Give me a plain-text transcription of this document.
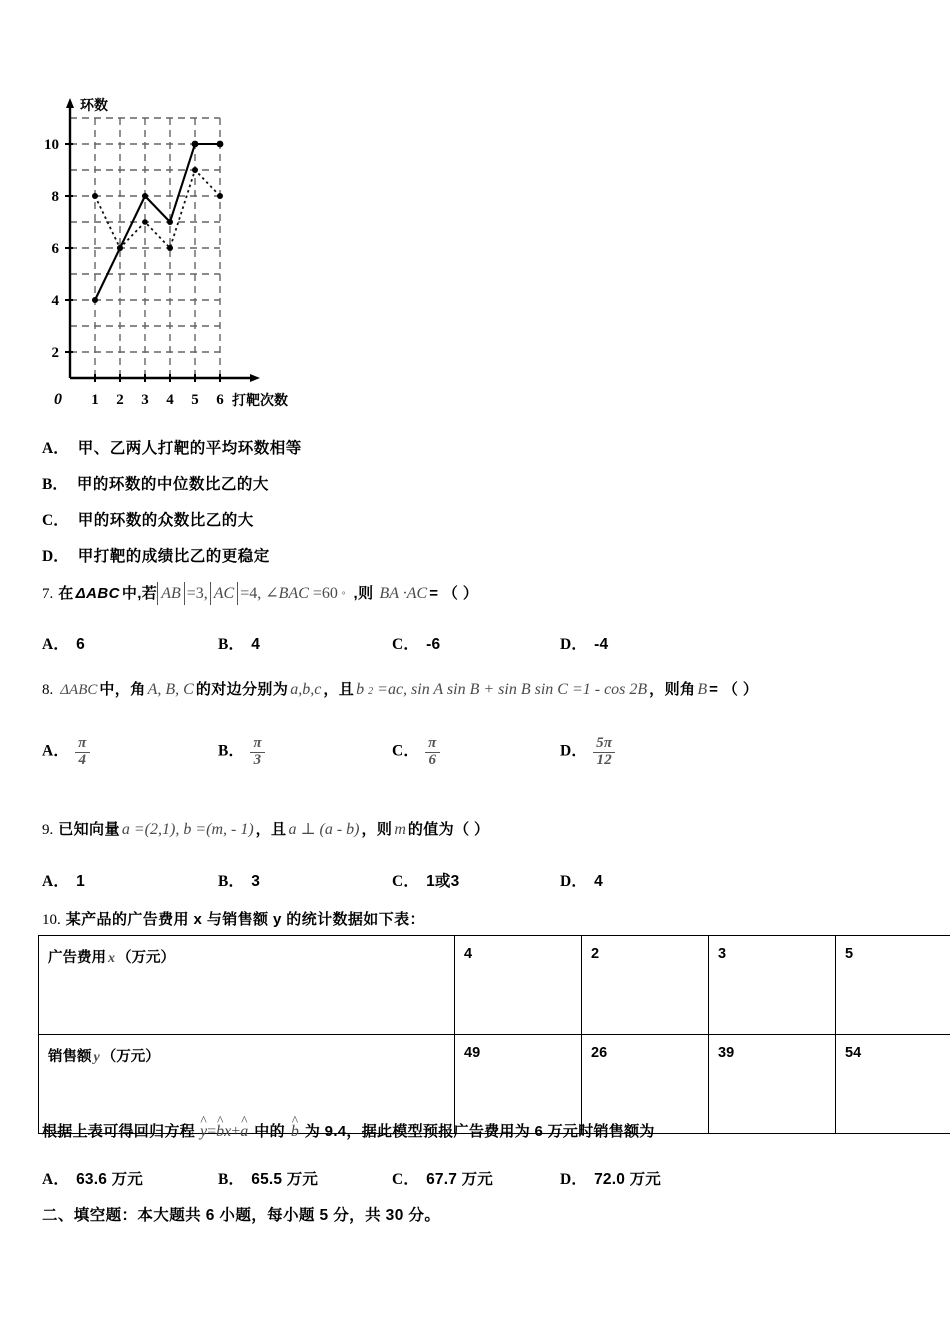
2
4
6
8
10
0 1 2 3 4 5 6
环数
打靶次数
A． 甲、乙两人打靶的平均环数相等
B． 甲的环数的中位数比乙的大
C． 甲的环数的众数比乙的大
D． 甲打靶的成绩比乙的更稳定
7. 在 ΔABC 中,若 AB =3, AC =4, ∠BAC =60 ° ,则 BA ·AC = （ ）
A． 6	B． 4	C． -6	D． -4
8. ΔABC 中，角 A, B, C 的对边分别为 a,b,c ，且 b 2 =ac, sin A sin B + sin B sin C =1 - cos 2B ，则角 B = （ ）
A． $\frac{\pi}{4}$	B． $\frac{\pi}{3}$	C． $\frac{\pi}{6}$	D． $\frac{5\pi}{12}$
9. 已知向量 a =(2,1), b =(m, - 1) ，且 a ⊥ (a - b) ，则 m 的值为（ ）
A． 1	B． 3	C． 1或3	D． 4
10. 某产品的广告费用 x 与销售额 y 的统计数据如下表：
广告费用 x （万元）	4	2	3	5
销售额 y （万元）	49	26	39	54
根据上表可得回归方程 ^ y=^ bx+^ a 中的 ^ b 为 9.4，据此模型预报广告费用为 6 万元时销售额为
A． 63.6 万元	B． 65.5 万元	C． 67.7 万元	D． 72.0 万元
二、填空题：本大题共 6 小题，每小题 5 分，共 30 分。
